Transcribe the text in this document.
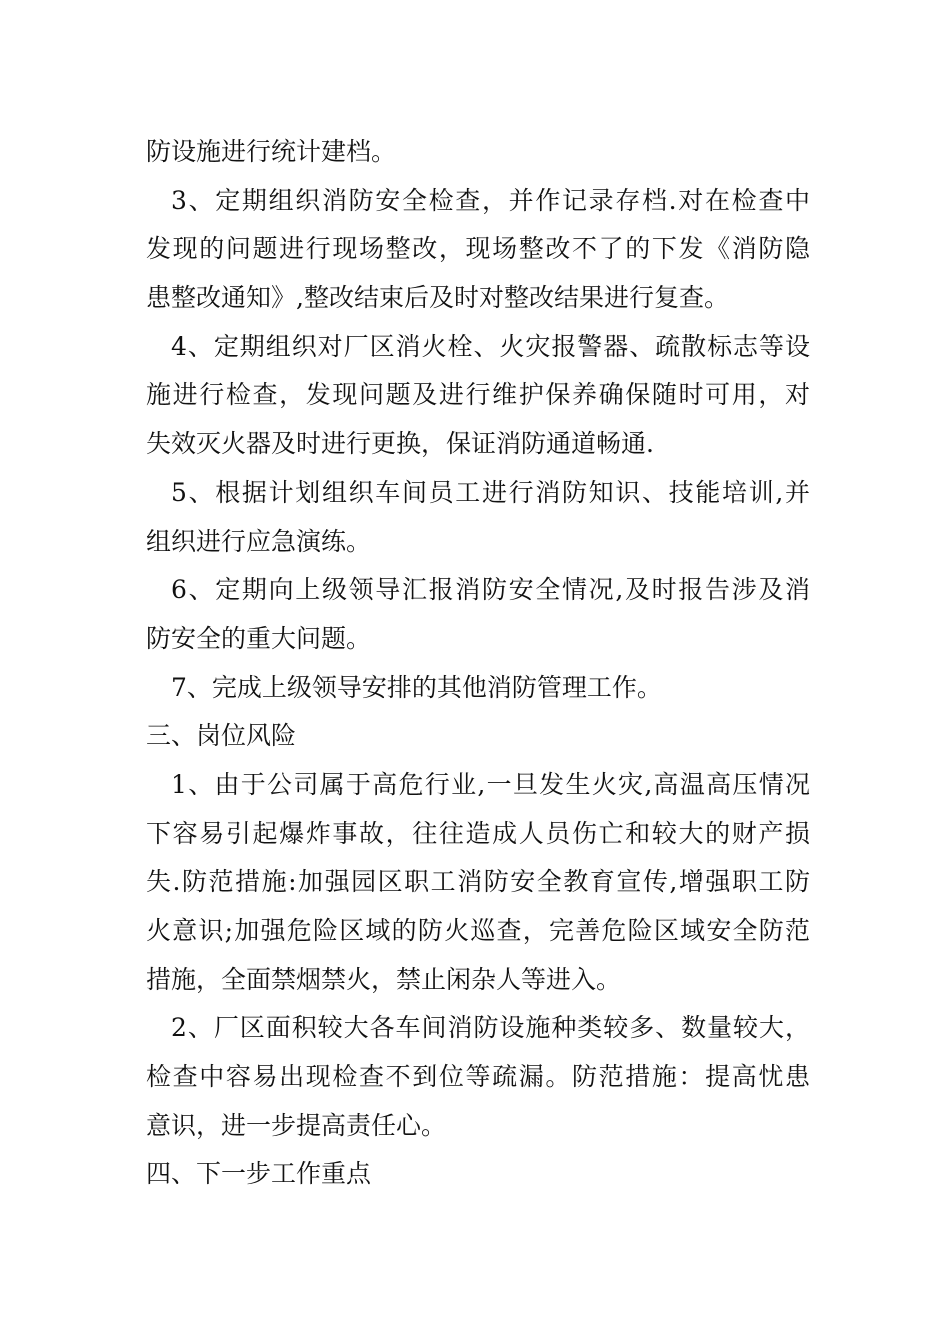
防设施进行统计建档。
3、定期组织消防安全检查，并作记录存档.对在检查中
发现的问题进行现场整改，现场整改不了的下发《消防隐
患整改通知》,整改结束后及时对整改结果进行复查。
4、定期组织对厂区消火栓、火灾报警器、疏散标志等设
施进行检查，发现问题及进行维护保养确保随时可用，对
失效灭火器及时进行更换，保证消防通道畅通.
5、根据计划组织车间员工进行消防知识、技能培训,并
组织进行应急演练。
6、定期向上级领导汇报消防安全情况,及时报告涉及消
防安全的重大问题。
7、完成上级领导安排的其他消防管理工作。
三、岗位风险
1、由于公司属于高危行业,一旦发生火灾,高温高压情况
下容易引起爆炸事故，往往造成人员伤亡和较大的财产损
失.防范措施:加强园区职工消防安全教育宣传,增强职工防
火意识;加强危险区域的防火巡查，完善危险区域安全防范
措施，全面禁烟禁火，禁止闲杂人等进入。
2、厂区面积较大各车间消防设施种类较多、数量较大，
检查中容易出现检查不到位等疏漏。防范措施：提高忧患
意识，进一步提高责任心。
四、下一步工作重点
